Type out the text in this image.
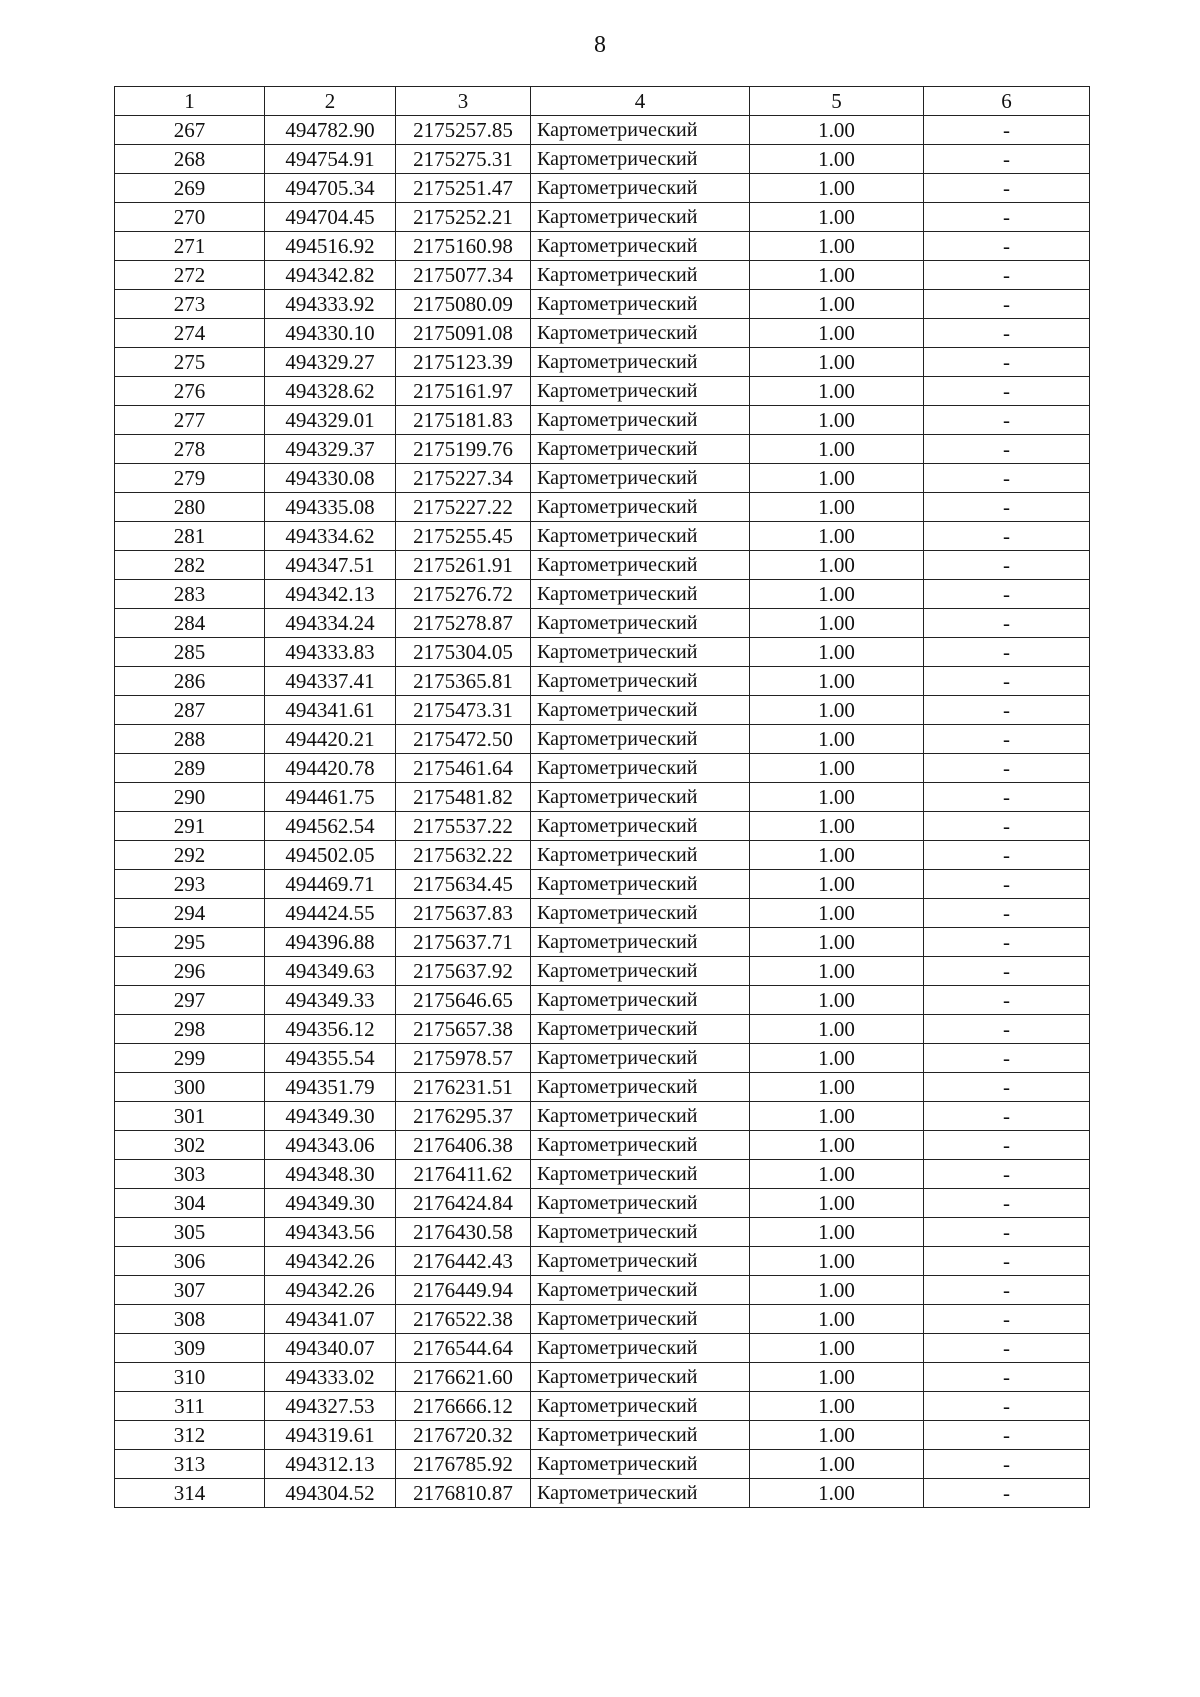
8
1	2	3	4	5	6
267	494782.90	2175257.85	Картометрический	1.00	-
268	494754.91	2175275.31	Картометрический	1.00	-
269	494705.34	2175251.47	Картометрический	1.00	-
270	494704.45	2175252.21	Картометрический	1.00	-
271	494516.92	2175160.98	Картометрический	1.00	-
272	494342.82	2175077.34	Картометрический	1.00	-
273	494333.92	2175080.09	Картометрический	1.00	-
274	494330.10	2175091.08	Картометрический	1.00	-
275	494329.27	2175123.39	Картометрический	1.00	-
276	494328.62	2175161.97	Картометрический	1.00	-
277	494329.01	2175181.83	Картометрический	1.00	-
278	494329.37	2175199.76	Картометрический	1.00	-
279	494330.08	2175227.34	Картометрический	1.00	-
280	494335.08	2175227.22	Картометрический	1.00	-
281	494334.62	2175255.45	Картометрический	1.00	-
282	494347.51	2175261.91	Картометрический	1.00	-
283	494342.13	2175276.72	Картометрический	1.00	-
284	494334.24	2175278.87	Картометрический	1.00	-
285	494333.83	2175304.05	Картометрический	1.00	-
286	494337.41	2175365.81	Картометрический	1.00	-
287	494341.61	2175473.31	Картометрический	1.00	-
288	494420.21	2175472.50	Картометрический	1.00	-
289	494420.78	2175461.64	Картометрический	1.00	-
290	494461.75	2175481.82	Картометрический	1.00	-
291	494562.54	2175537.22	Картометрический	1.00	-
292	494502.05	2175632.22	Картометрический	1.00	-
293	494469.71	2175634.45	Картометрический	1.00	-
294	494424.55	2175637.83	Картометрический	1.00	-
295	494396.88	2175637.71	Картометрический	1.00	-
296	494349.63	2175637.92	Картометрический	1.00	-
297	494349.33	2175646.65	Картометрический	1.00	-
298	494356.12	2175657.38	Картометрический	1.00	-
299	494355.54	2175978.57	Картометрический	1.00	-
300	494351.79	2176231.51	Картометрический	1.00	-
301	494349.30	2176295.37	Картометрический	1.00	-
302	494343.06	2176406.38	Картометрический	1.00	-
303	494348.30	2176411.62	Картометрический	1.00	-
304	494349.30	2176424.84	Картометрический	1.00	-
305	494343.56	2176430.58	Картометрический	1.00	-
306	494342.26	2176442.43	Картометрический	1.00	-
307	494342.26	2176449.94	Картометрический	1.00	-
308	494341.07	2176522.38	Картометрический	1.00	-
309	494340.07	2176544.64	Картометрический	1.00	-
310	494333.02	2176621.60	Картометрический	1.00	-
311	494327.53	2176666.12	Картометрический	1.00	-
312	494319.61	2176720.32	Картометрический	1.00	-
313	494312.13	2176785.92	Картометрический	1.00	-
314	494304.52	2176810.87	Картометрический	1.00	-
